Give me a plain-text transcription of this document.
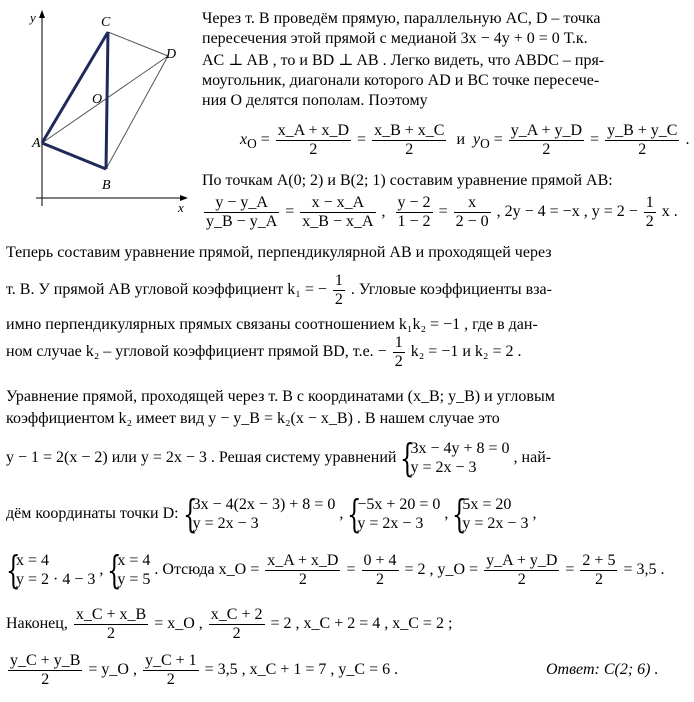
y
x
C
D
O
A
B
Через т. B проведём прямую, параллельную AC, D – точка
пересечения этой прямой с медианой 3x − 4y + 0 = 0 Т.к.
AC ⊥ AB , то и BD ⊥ AB . Легко видеть, что ABDC – пря-
моугольник, диагонали которого AD и BC точке пересече-
ния O делятся пополам. Поэтому
$x_O = \frac{x\_A + x\_D}{2} = \frac{x\_B + x\_C}{2}$ и $y_O = \frac{y\_A + y\_D}{2} = \frac{y\_B + y\_C}{2}$ .
По точкам A(0; 2) и B(2; 1) составим уравнение прямой AB:
$\frac{y - y\_A}{y\_B - y\_A} = \frac{x - x\_A}{x\_B - x\_A}$ , $\frac{y - 2}{1 - 2} = \frac{x}{2 - 0}$ , 2y − 4 = −x , $y = 2 - \frac{1}{2}$ x .
Теперь составим уравнение прямой, перпендикулярной AB и проходящей через
т. B. У прямой AB угловой коэффициент k₁ = − $\frac{1}{2}$ . Угловые коэффициенты вза-
имно перпендикулярных прямых связаны соотношением k₁k₂ = −1 , где в дан-
ном случае k₂ – угловой коэффициент прямой BD, т.е. − $\frac{1}{2} k_2 = -1$ и k₂ = 2 .
Уравнение прямой, проходящей через т. B с координатами (x_B; y_B) и угловым
коэффициентом k₂ имеет вид y − y_B = k₂(x − x_B) . В нашем случае это
y − 1 = 2(x − 2) или y = 2x − 3 . Решая систему уравнений {
3x − 4y + 8 = 0
y = 2x − 3
, най-
дём координаты точки D: {
3x − 4(2x − 3) + 8 = 0
y = 2x − 3
, {
−5x + 20 = 0
y = 2x − 3
, {
5x = 20
y = 2x − 3
,
{
x = 4
y = 2 · 4 − 3
, {
x = 4
y = 5
. Отсюда x_O = $\frac{x\_A + x\_D}{2} = \frac{0 + 4}{2} = 2$ , y_O = $\frac{y\_A + y\_D}{2} = \frac{2 + 5}{2} = 3,5$ .
Наконец, $\frac{x\_C + x\_B}{2}$ = x_O , $\frac{x\_C + 2}{2} = 2$ , x_C + 2 = 4 , x_C = 2 ;
$\frac{y\_C + y\_B}{2}$ = y_O , $\frac{y\_C + 1}{2} = 3,5$ , x_C + 1 = 7 , y_C = 6 .	Ответ: C(2; 6) .
